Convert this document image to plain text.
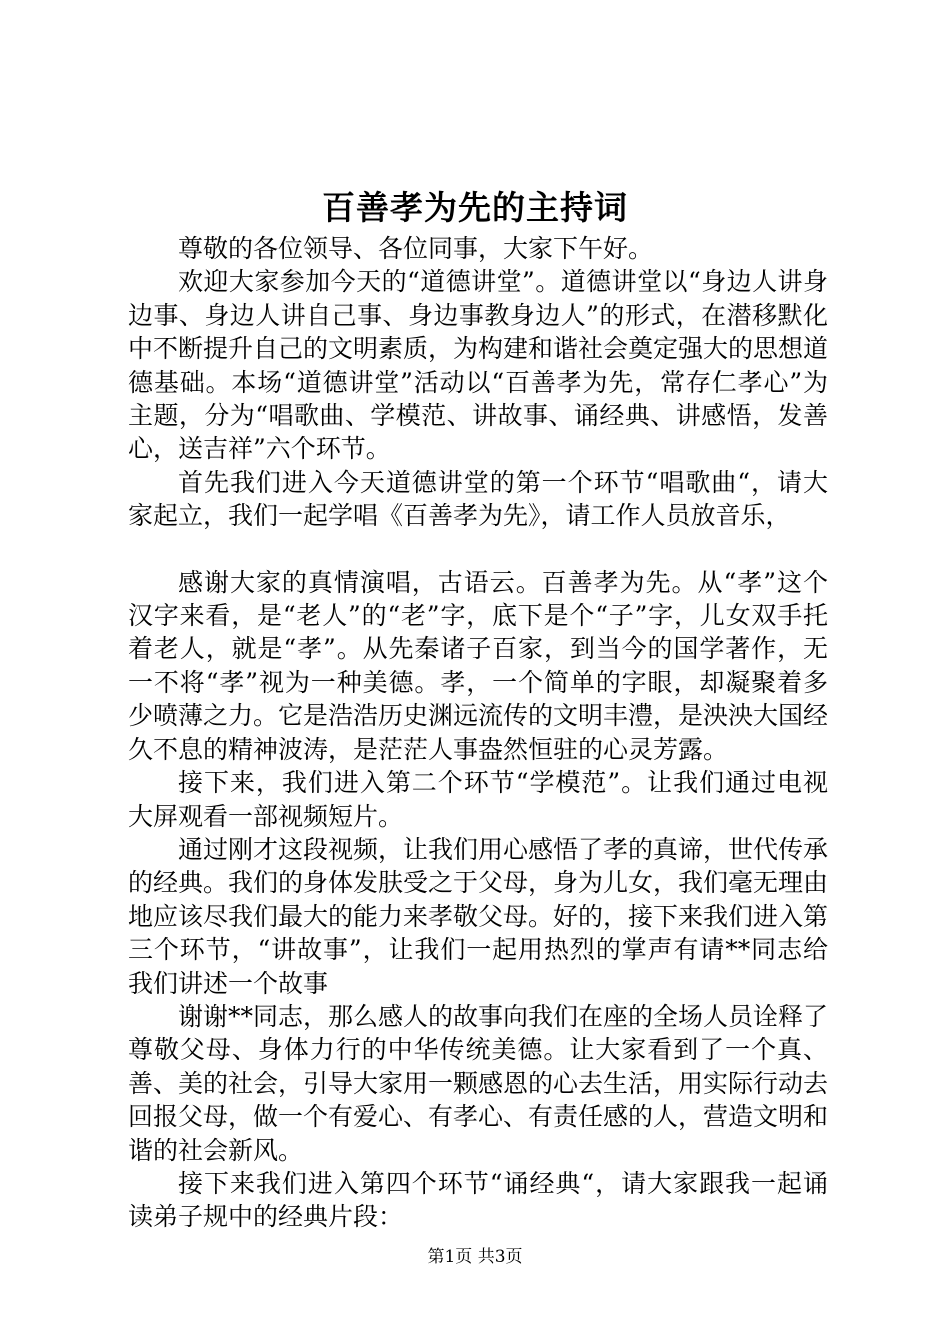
百善孝为先的主持词

尊敬的各位领导、各位同事，大家下午好。

欢迎大家参加今天的“道德讲堂”。道德讲堂以“身边人讲身边事、身边人讲自己事、身边事教身边人”的形式，在潜移默化中不断提升自己的文明素质，为构建和谐社会奠定强大的思想道德基础。本场“道德讲堂”活动以“百善孝为先，常存仁孝心”为主题，分为“唱歌曲、学模范、讲故事、诵经典、讲感悟，发善心，送吉祥”六个环节。

首先我们进入今天道德讲堂的第一个环节“唱歌曲“，请大家起立，我们一起学唱《百善孝为先》，请工作人员放音乐，

感谢大家的真情演唱，古语云。百善孝为先。从“孝”这个汉字来看，是“老人”的“老”字，底下是个“子”字，儿女双手托着老人，就是“孝”。从先秦诸子百家，到当今的国学著作，无一不将“孝”视为一种美德。孝，一个简单的字眼，却凝聚着多少喷薄之力。它是浩浩历史渊远流传的文明丰澧，是泱泱大国经久不息的精神波涛，是茫茫人事盎然恒驻的心灵芳露。

接下来，我们进入第二个环节“学模范”。让我们通过电视大屏观看一部视频短片。

通过刚才这段视频，让我们用心感悟了孝的真谛，世代传承的经典。我们的身体发肤受之于父母，身为儿女，我们毫无理由地应该尽我们最大的能力来孝敬父母。好的，接下来我们进入第三个环节，“讲故事”，让我们一起用热烈的掌声有请**同志给我们讲述一个故事

谢谢**同志，那么感人的故事向我们在座的全场人员诠释了尊敬父母、身体力行的中华传统美德。让大家看到了一个真、善、美的社会，引导大家用一颗感恩的心去生活，用实际行动去回报父母，做一个有爱心、有孝心、有责任感的人，营造文明和谐的社会新风。

接下来我们进入第四个环节“诵经典“，请大家跟我一起诵读弟子规中的经典片段：

第1页 共3页
